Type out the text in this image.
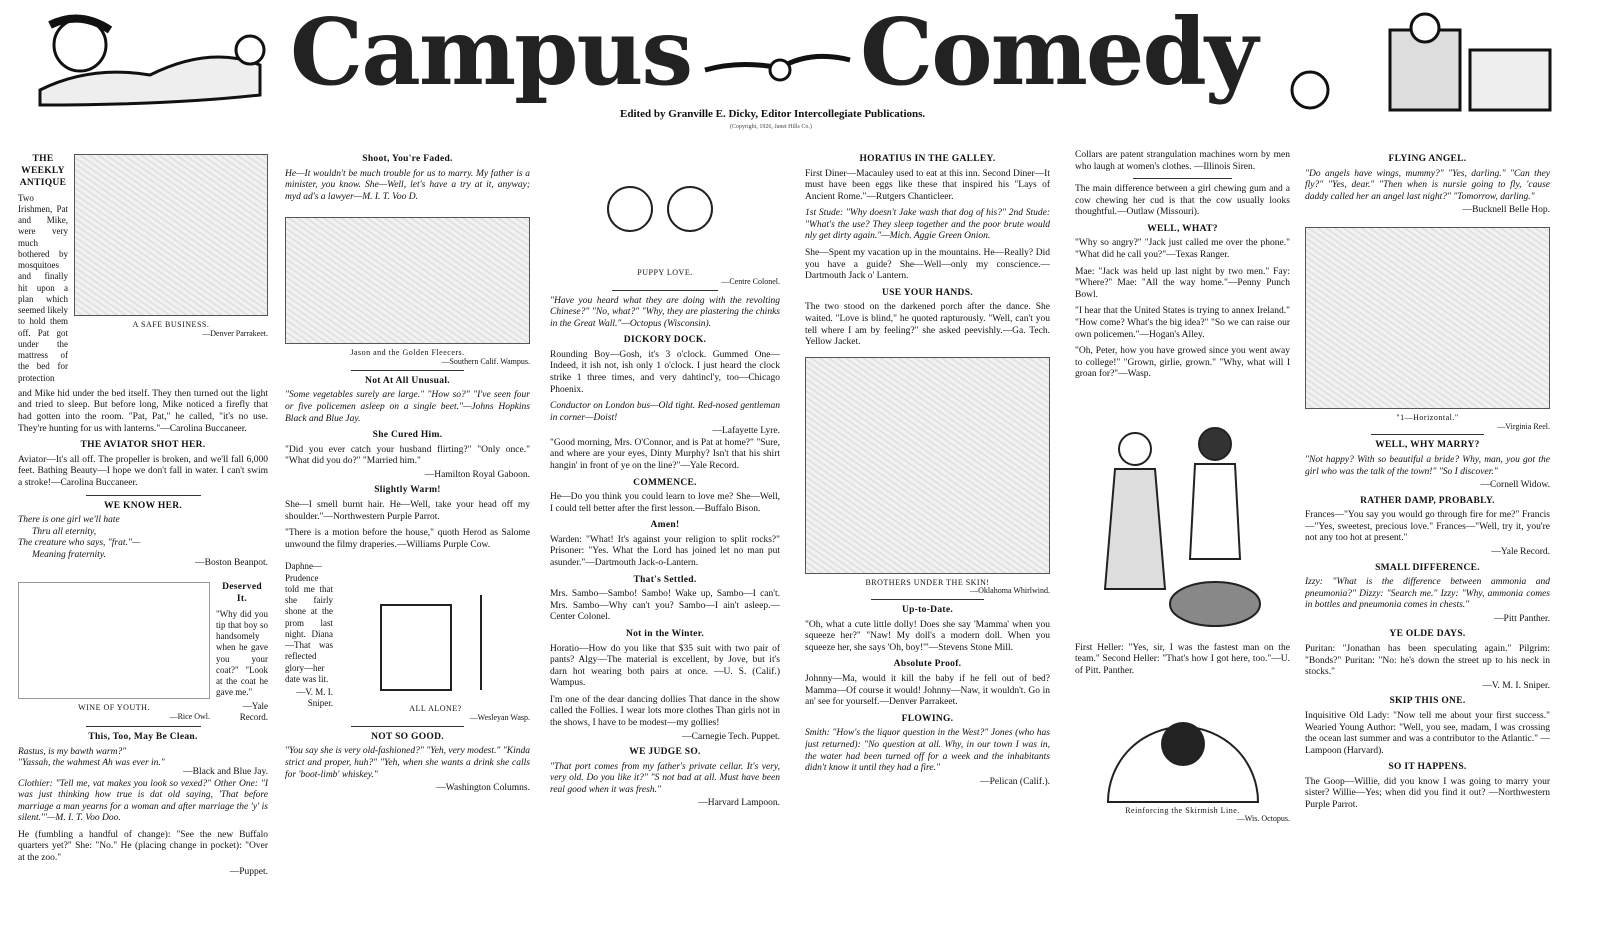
Campus Comedy
Edited by Granville E. Dicky, Editor Intercollegiate Publications.
(Copyright, 1926, Janet Hills Co.)
THE WEEKLY ANTIQUE

Two Irishmen, Pat and Mike, were very much bothered by mosquitoes and finally hit upon a plan which seemed likely to hold them off. Pat got under the mattress of the bed for protection

A SAFE BUSINESS.
—Denver Parrakeet.

and Mike hid under the bed itself. They then turned out the light and tried to sleep. But before long, Mike noticed a firefly that had gotten into the room. "Pat, Pat," he called, "it's no use. They're hunting for us with lanterns."—Carolina Buccaneer.

THE AVIATOR SHOT HER.

Aviator—It's all off. The propeller is broken, and we'll fall 6,000 feet. Bathing Beauty—I hope we don't fall in water. I can't swim a stroke!—Carolina Buccaneer.

WE KNOW HER.
There is one girl we'll hate
Thru all eternity,
The creature who says, "frat."—
Meaning fraternity.
—Boston Beanpot.
WINE OF YOUTH.
—Rice Owl.
Deserved It.

"Why did you tip that boy so handsomely when he gave you your coat?" "Look at the coat he gave me."

—Yale Record.
This, Too, May Be Clean.
Rastus, is my bawth warm?"
"Yassah, the wahmest Ah was ever in."
—Black and Blue Jay.

Clothier: "Tell me, vat makes you look so vexed?" Other One: "I was just thinking how true is dat old saying, 'That before marriage a man yearns for a woman and after marriage the 'y' is silent.'"—M. I. T. Voo Doo.

He (fumbling a handful of change): "See the new Buffalo quarters yet?" She: "No." He (placing change in pocket): "Over at the zoo."

—Puppet.
Shoot, You're Faded.

He—It wouldn't be much trouble for us to marry. My father is a minister, you know. She—Well, let's have a try at it, anyway; myd ad's a lawyer—M. I. T. Voo D.

Jason and the Golden Fleecers.
—Southern Calif. Wampus.
Not At All Unusual.

"Some vegetables surely are large." "How so?" "I've seen four or five policemen asleep on a single beet."—Johns Hopkins Black and Blue Jay.

She Cured Him.

"Did you ever catch your husband flirting?" "Only once." "What did you do?" "Married him."

—Hamilton Royal Gaboon.
Slightly Warm!

She—I smell burnt hair. He—Well, take your head off my shoulder."—Northwestern Purple Parrot.

"There is a motion before the house," quoth Herod as Salome unwound the filmy draperies.—Williams Purple Cow.

Daphne—Prudence told me that she fairly shone at the prom last night. Diana—That was reflected glory—her date was lit.

—V. M. I. Sniper.
ALL ALONE?
—Wesleyan Wasp.
NOT SO GOOD.

"You say she is very old-fashioned?" "Yeh, very modest." "Kinda strict and proper, huh?" "Yeh, when she wants a drink she calls for 'boot-limb' whiskey."

—Washington Columns.
PUPPY LOVE.
—Centre Colonel.

"Have you heard what they are doing with the revolting Chinese?" "No, what?" "Why, they are plastering the chinks in the Great Wall."—Octopus (Wisconsin).

DICKORY DOCK.

Rounding Boy—Gosh, it's 3 o'clock. Gummed One—Indeed, it ish not, ish only 1 o'clock. I just heard the clock strike 1 three times, and very dahtincl'y, too—Chicago Phoenix.

Conductor on London bus—Old tight. Red-nosed gentleman in corner—Doist!

—Lafayette Lyre.

"Good morning, Mrs. O'Connor, and is Pat at home?" "Sure, and where are your eyes, Dinty Murphy? Isn't that his shirt hangin' in front of ye on the line?"—Yale Record.

COMMENCE.

He—Do you think you could learn to love me? She—Well, I could tell better after the first lesson.—Buffalo Bison.

Amen!

Warden: "What! It's against your religion to split rocks?" Prisoner: "Yes. What the Lord has joined let no man put asunder."—Dartmouth Jack-o-Lantern.

That's Settled.

Mrs. Sambo—Sambo! Sambo! Wake up, Sambo—I can't. Mrs. Sambo—Why can't you? Sambo—I ain't asleep.—Center Colonel.

Not in the Winter.

Horatio—How do you like that $35 suit with two pair of pants? Algy—The material is excellent, by Jove, but it's darn hot wearing both pairs at once. —U. S. (Calif.) Wampus.

I'm one of the dear dancing dollies That dance in the show called the Follies. I wear lots more clothes Than girls not in the shows, I have to be modest—my gollies!

—Carnegie Tech. Puppet.
WE JUDGE SO.

"That port comes from my father's private cellar. It's very, very old. Do you like it?" "S not bad at all. Must have been real good when it was fresh."

—Harvard Lampoon.
HORATIUS IN THE GALLEY.

First Diner—Macauley used to eat at this inn. Second Diner—It must have been eggs like these that inspired his "Lays of Ancient Rome."—Rutgers Chanticleer.

1st Stude: "Why doesn't Jake wash that dog of his?" 2nd Stude: "What's the use? They sleep together and the poor brute would nly get dirty again."—Mich. Aggie Green Onion.

She—Spent my vacation up in the mountains. He—Really? Did you have a guide? She—Well—only my conscience.—Dartmouth Jack o' Lantern.

USE YOUR HANDS.

The two stood on the darkened porch after the dance. She waited. "Love is blind," he quoted rapturously. "Well, can't you tell where I am by feeling?" she asked peevishly.—Ga. Tech. Yellow Jacket.

BROTHERS UNDER THE SKIN!
—Oklahoma Whirlwind.
Up-to-Date.

"Oh, what a cute little dolly! Does she say 'Mamma' when you squeeze her?" "Naw! My doll's a modern doll. When you squeeze her, she says 'Oh, boy!'"—Stevens Stone Mill.

Absolute Proof.

Johnny—Ma, would it kill the baby if he fell out of bed? Mamma—Of course it would! Johnny—Naw, it wouldn't. Go in an' see for yourself.—Denver Parrakeet.

FLOWING.

Smith: "How's the liquor question in the West?" Jones (who has just returned): "No question at all. Why, in our town I was in, the water had been turned off for a week and the inhabitants didn't know it until they had a fire."

—Pelican (Calif.).

Collars are patent strangulation machines worn by men who laugh at women's clothes. —Illinois Siren.

The main difference between a girl chewing gum and a cow chewing her cud is that the cow usually looks thoughtful.—Outlaw (Missouri).

WELL, WHAT?

"Why so angry?" "Jack just called me over the phone." "What did he call you?"—Texas Ranger.

Mae: "Jack was held up last night by two men." Fay: "Where?" Mae: "All the way home."—Penny Punch Bowl.

"I hear that the United States is trying to annex Ireland." "How come? What's the big idea?" "So we can raise our own policemen."—Hogan's Alley.

"Oh, Peter, how you have growed since you went away to college!" "Grown, girlie, grown." "Why, what will I groan for?"—Wasp.

First Heller: "Yes, sir, I was the fastest man on the team." Second Heller: "That's how I got here, too."—U. of Pitt. Panther.

Reinforcing the Skirmish Line.
—Wis. Octopus.
FLYING ANGEL.

"Do angels have wings, mummy?" "Yes, darling." "Can they fly?" "Yes, dear." "Then when is nursie going to fly, 'cause daddy called her an angel last night?" "Tomorrow, darling."

—Bucknell Belle Hop.
"1—Horizontal."
—Virginia Reel.
WELL, WHY MARRY?

"Not happy? With so beautiful a bride? Why, man, you got the girl who was the talk of the town!" "So I discover."

—Cornell Widow.
RATHER DAMP, PROBABLY.

Frances—"You say you would go through fire for me?" Francis—"Yes, sweetest, precious love." Frances—"Well, try it, you're not any too hot at present."

—Yale Record.
SMALL DIFFERENCE.

Izzy: "What is the difference between ammonia and pneumonia?" Dizzy: "Search me." Izzy: "Why, ammonia comes in bottles and pneumonia comes in chests."

—Pitt Panther.
YE OLDE DAYS.

Puritan: "Jonathan has been speculating again." Pilgrim: "Bonds?" Puritan: "No: he's down the street up to his neck in stocks."

—V. M. I. Sniper.
SKIP THIS ONE.

Inquisitive Old Lady: "Now tell me about your first success." Wearied Young Author: "Well, you see, madam, I was crossing the ocean last summer and was a contributor to the Atlantic." —Lampoon (Harvard).

SO IT HAPPENS.

The Goop—Willie, did you know I was going to marry your sister? Willie—Yes; when did you find it out? —Northwestern Purple Parrot.
